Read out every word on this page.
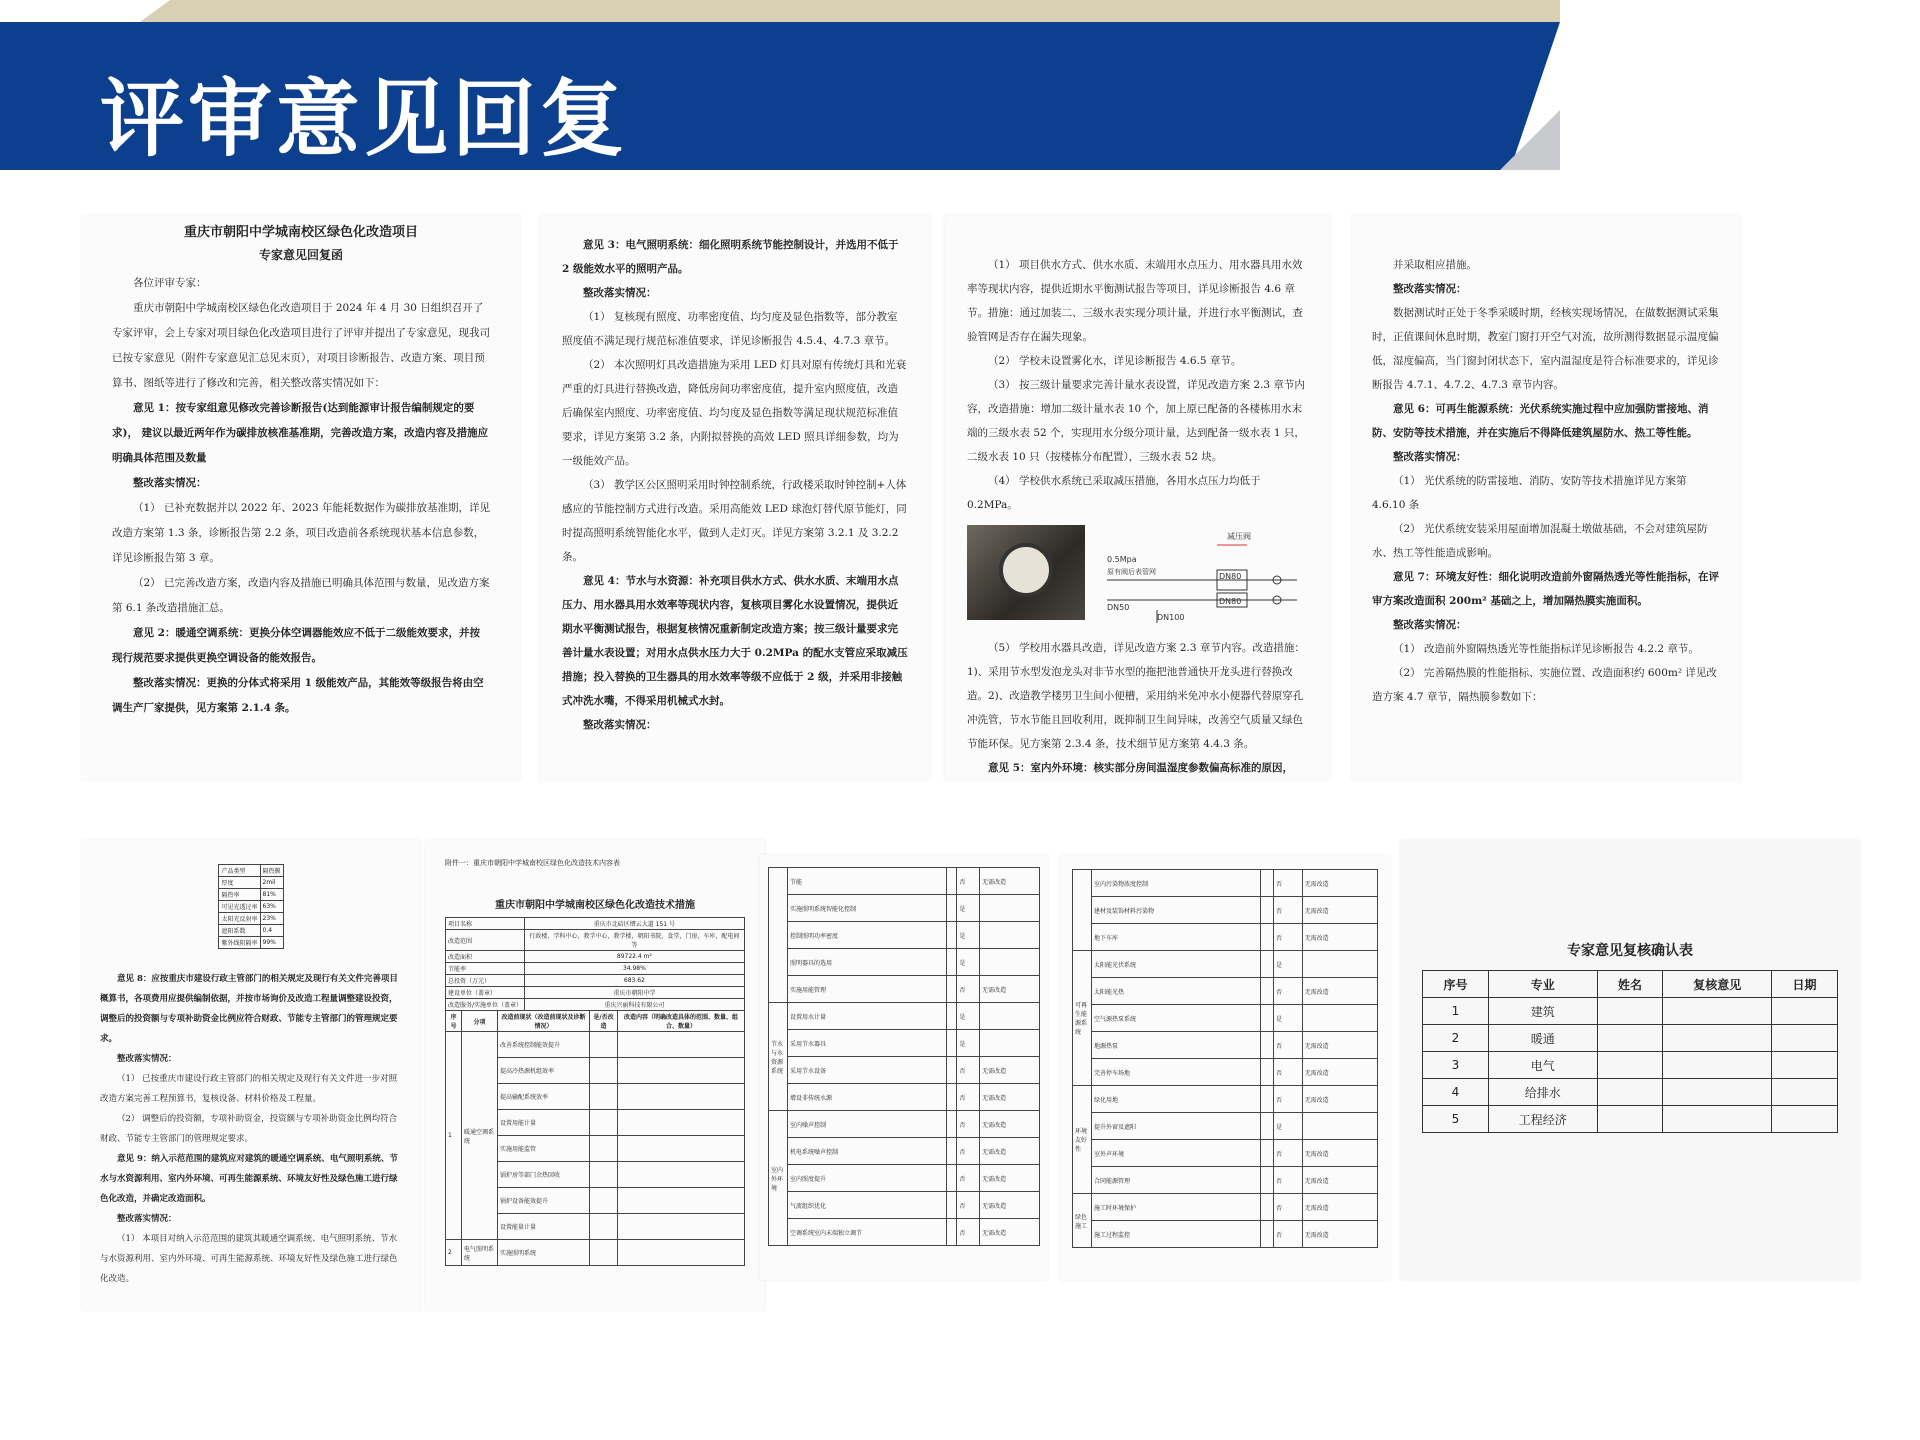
评审意见回复
重庆市朝阳中学城南校区绿色化改造项目
专家意见回复函

各位评审专家：

重庆市朝阳中学城南校区绿色化改造项目于 2024 年 4 月 30 日组织召开了专家评审，会上专家对项目绿色化改造项目进行了评审并提出了专家意见，现我司已按专家意见（附件专家意见汇总见末页），对项目诊断报告、改造方案、项目预算书、图纸等进行了修改和完善，相关整改落实情况如下：

意见 1：按专家组意见修改完善诊断报告(达到能源审计报告编制规定的要求)， 建议以最近两年作为碳排放核准基准期，完善改造方案，改造内容及措施应明确具体范围及数量

整改落实情况：

（1） 已补充数据并以 2022 年、2023 年能耗数据作为碳排放基准期，详见改造方案第 1.3 条，诊断报告第 2.2 条，项目改造前各系统现状基本信息参数，详见诊断报告第 3 章。

（2） 已完善改造方案，改造内容及措施已明确具体范围与数量，见改造方案第 6.1 条改造措施汇总。

意见 2：暖通空调系统：更换分体空调器能效应不低于二级能效要求，并按现行规范要求提供更换空调设备的能效报告。

整改落实情况：更换的分体式将采用 1 级能效产品，其能效等级报告将由空调生产厂家提供，见方案第 2.1.4 条。

意见 3：电气照明系统：细化照明系统节能控制设计，并选用不低于 2 级能效水平的照明产品。

整改落实情况：

（1） 复核现有照度、功率密度值、均匀度及显色指数等，部分教室照度值不满足现行规范标准值要求，详见诊断报告 4.5.4、4.7.3 章节。

（2） 本次照明灯具改造措施为采用 LED 灯具对原有传统灯具和光衰严重的灯具进行替换改造，降低房间功率密度值，提升室内照度值，改造后确保室内照度、功率密度值、均匀度及显色指数等满足现状规范标准值要求，详见方案第 3.2 条，内附拟替换的高效 LED 照具详细参数，均为一级能效产品。

（3） 教学区公区照明采用时钟控制系统，行政楼采取时钟控制+人体感应的节能控制方式进行改造。采用高能效 LED 球泡灯替代原节能灯，同时提高照明系统智能化水平，做到人走灯灭。详见方案第 3.2.1 及 3.2.2 条。

意见 4：节水与水资源：补充项目供水方式、供水水质、末端用水点压力、用水器具用水效率等现状内容，复核项目雾化水设置情况，提供近期水平衡测试报告，根据复核情况重新制定改造方案；按三级计量要求完善计量水表设置；对用水点供水压力大于 0.2MPa 的配水支管应采取减压措施；投入替换的卫生器具的用水效率等级不应低于 2 级，并采用非接触式冲洗水嘴，不得采用机械式水封。

整改落实情况：

（1） 项目供水方式、供水水质、末端用水点压力、用水器具用水效率等现状内容，提供近期水平衡测试报告等项目，详见诊断报告 4.6 章节。措施：通过加装二、三级水表实现分项计量，并进行水平衡测试，查验管网是否存在漏失现象。

（2） 学校未设置雾化水，详见诊断报告 4.6.5 章节。

（3） 按三级计量要求完善计量水表设置，详见改造方案 2.3 章节内容，改造措施：增加二级计量水表 10 个，加上原已配备的各楼栋用水末端的三级水表 52 个，实现用水分级分项计量，达到配备一级水表 1 只，二级水表 10 只（按楼栋分布配置），三级水表 52 块。

（4） 学校供水系统已采取减压措施，各用水点压力均低于 0.2MPa。

减压阀
0.5Mpa
原有阀后表管网
DN50
DN80
DN100
DN80

（5） 学校用水器具改造，详见改造方案 2.3 章节内容。改造措施：1)、采用节水型发泡龙头对非节水型的拖把池普通快开龙头进行替换改造。2)、改造教学楼男卫生间小便槽，采用纳米免冲水小便器代替原穿孔冲洗管，节水节能且回收利用，既抑制卫生间异味，改善空气质量又绿色节能环保。见方案第 2.3.4 条，技术细节见方案第 4.4.3 条。

意见 5：室内外环境：核实部分房间温湿度参数偏高标准的原因，

并采取相应措施。

整改落实情况：

数据测试时正处于冬季采暖时期，经核实现场情况，在做数据测试采集时，正值课间休息时期，教室门窗打开空气对流，故所测得数据显示温度偏低，湿度偏高，当门窗封闭状态下，室内温湿度是符合标准要求的，详见诊断报告 4.7.1、4.7.2、4.7.3 章节内容。

意见 6：可再生能源系统：光伏系统实施过程中应加强防雷接地、消防、安防等技术措施，并在实施后不得降低建筑屋防水、热工等性能。

整改落实情况：

（1） 光伏系统的防雷接地、消防、安防等技术措施详见方案第 4.6.10 条

（2） 光伏系统安装采用屋面增加混凝土墩做基础，不会对建筑屋防水、热工等性能造成影响。

意见 7：环境友好性：细化说明改造前外窗隔热透光等性能指标，在评审方案改造面积 200m² 基础之上，增加隔热膜实施面积。

整改落实情况：

（1） 改造前外窗隔热透光等性能指标详见诊断报告 4.2.2 章节。

（2） 完善隔热膜的性能指标、实施位置、改造面积约 600m² 详见改造方案 4.7 章节，隔热膜参数如下：

产品类型	隔热膜
厚度	2mil
隔热率	81%
可见光透过率	63%
太阳光反射率	23%
遮阳系数	0.4
紫外线阻隔率	99%

意见 8：应按重庆市建设行政主管部门的相关规定及现行有关文件完善项目概算书，各项费用应提供编制依据，并按市场询价及改造工程量调整建设投资，调整后的投资额与专项补助资金比例应符合财政、节能专主管部门的管理规定要求。

整改落实情况：

（1） 已按重庆市建设行政主管部门的相关规定及现行有关文件进一步对照改造方案完善工程预算书，复核设备、材料价格及工程量。

（2） 调整后的投资额，专项补助资金，投资额与专项补助资金比例均符合财政、节能专主管部门的管理规定要求。

意见 9：纳入示范范围的建筑应对建筑的暖通空调系统、电气照明系统、节水与水资源利用、室内外环境、可再生能源系统、环境友好性及绿色施工进行绿色化改造，并确定改造面积。

整改落实情况：

（1） 本项目对纳入示范范围的建筑其暖通空调系统、电气照明系统、节水与水资源利用、室内外环境、可再生能源系统、环境友好性及绿色施工进行绿色化改造。

附件一：重庆市朝阳中学城南校区绿色化改造技术内容表
重庆市朝阳中学城南校区绿色化改造技术措施
项目名称	重庆市北碚区缙云大道 151 号
改造范围	行政楼，学科中心，教学中心，教学楼，朝阳书院，食堂，门房，车库，配电间等
改造面积	89722.4 m²
节能率	34.98%
总投资（万元）	683.62
建设单位（盖章）	重庆市朝阳中学
改造服务/实施单位（盖章）	重庆兴丽科技有限公司
序号	分项	改造前现状（改造前现状及诊断情况）	是/否改造	改造内容（明确改造具体的范围、数量、组合、数量）
1	暖通空调系统	改善系统控制能效提升		
		提高冷热源机组效率		
		提高输配系统效率		
		设置用能计量		
		实施用能监管		
		锅炉房等部门余热回收		
		锅炉设备能效提升		
		设置能量计量		
2	电气照明系统	实施照明系统		
	节能		否	无需改造
	实施照明系统智能化控制		是	
	控制照明功率密度		是	
	照明器具的选用		是	
	实施用能管理		否	无需改造
节水与水资源系统	设置用水计量		是	
	采用节水器具		是	
	采用节水设备		否	无需改造
	增设非传统水源		否	无需改造
室内外环境	室内噪声控制		否	无需改造
	机电系统噪声控制		否	无需改造
	室内照度提升		否	无需改造
	气流组织优化		否	无需改造
	空调系统室内末端独立调节		否	无需改造
	室内污染物浓度控制		否	无需改造
	建材及装饰材料污染物		否	无需改造
	地下车库		否	无需改造
可再生能源系统	太阳能光伏系统		是	
	太阳能光热		否	无需改造
	空气源热泵系统		是	
	地源热泵		否	无需改造
	完善停车场地		否	无需改造
环境友好性	绿化用地		否	无需改造
	提升外窗及遮阳		是	
	室外声环境		否	无需改造
	合同能源管理		否	无需改造
绿色施工	施工时环境保护		否	无需改造
	施工过程监控		否	无需改造
专家意见复核确认表
序号	专业	姓名	复核意见	日期
1	建筑			
2	暖通			
3	电气			
4	给排水			
5	工程经济			
